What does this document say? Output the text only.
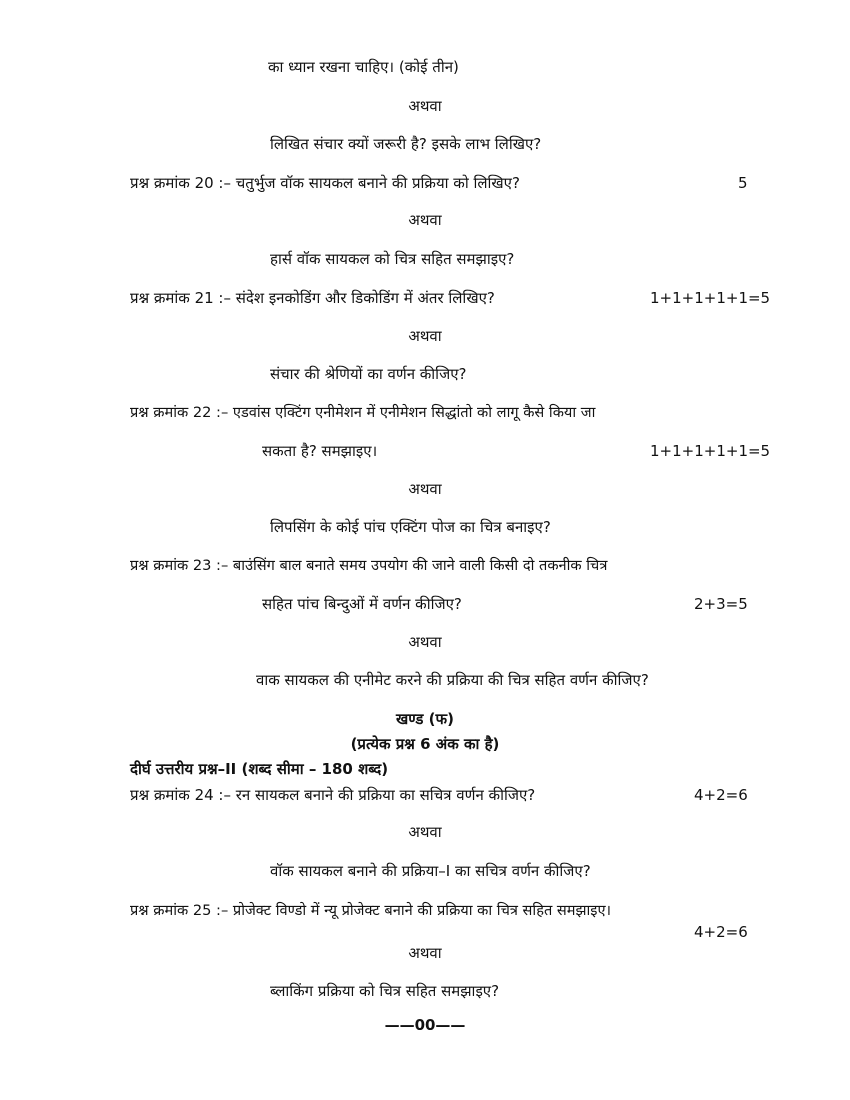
का ध्यान रखना चाहिए। (कोई तीन)
अथवा
लिखित संचार क्यों जरूरी है? इसके लाभ लिखिए?
प्रश्न क्रमांक 20 :– चतुर्भुज वॉक सायकल बनाने की प्रक्रिया को लिखिए?	5
अथवा
हार्स वॉक सायकल को चित्र सहित समझाइए?
प्रश्न क्रमांक 21 :– संदेश इनकोडिंग और डिकोडिंग में अंतर लिखिए?	1+1+1+1+1=5
अथवा
संचार की श्रेणियों का वर्णन कीजिए?
प्रश्न क्रमांक 22 :– एडवांस एक्टिंग एनीमेशन में एनीमेशन सिद्धांतो को लागू कैसे किया जा
सकता है? समझाइए।	1+1+1+1+1=5
अथवा
लिपसिंग के कोई पांच एक्टिंग पोज का चित्र बनाइए?
प्रश्न क्रमांक 23 :– बाउंसिंग बाल बनाते समय उपयोग की जाने वाली किसी दो तकनीक चित्र
सहित पांच बिन्दुओं में वर्णन कीजिए?	2+3=5
अथवा
वाक सायकल की एनीमेट करने की प्रक्रिया की चित्र सहित वर्णन कीजिए?
खण्ड (फ)
(प्रत्येक प्रश्न 6 अंक का है)
दीर्घ उत्तरीय प्रश्न–II (शब्द सीमा – 180 शब्द)
प्रश्न क्रमांक 24 :– रन सायकल बनाने की प्रक्रिया का सचित्र वर्णन कीजिए?	4+2=6
अथवा
वॉक सायकल बनाने की प्रक्रिया–I का सचित्र वर्णन कीजिए?
प्रश्न क्रमांक 25 :– प्रोजेक्ट विण्डो में न्यू प्रोजेक्ट बनाने की प्रक्रिया का चित्र सहित समझाइए।
4+2=6
अथवा
ब्लाकिंग प्रक्रिया को चित्र सहित समझाइए?
——00——
